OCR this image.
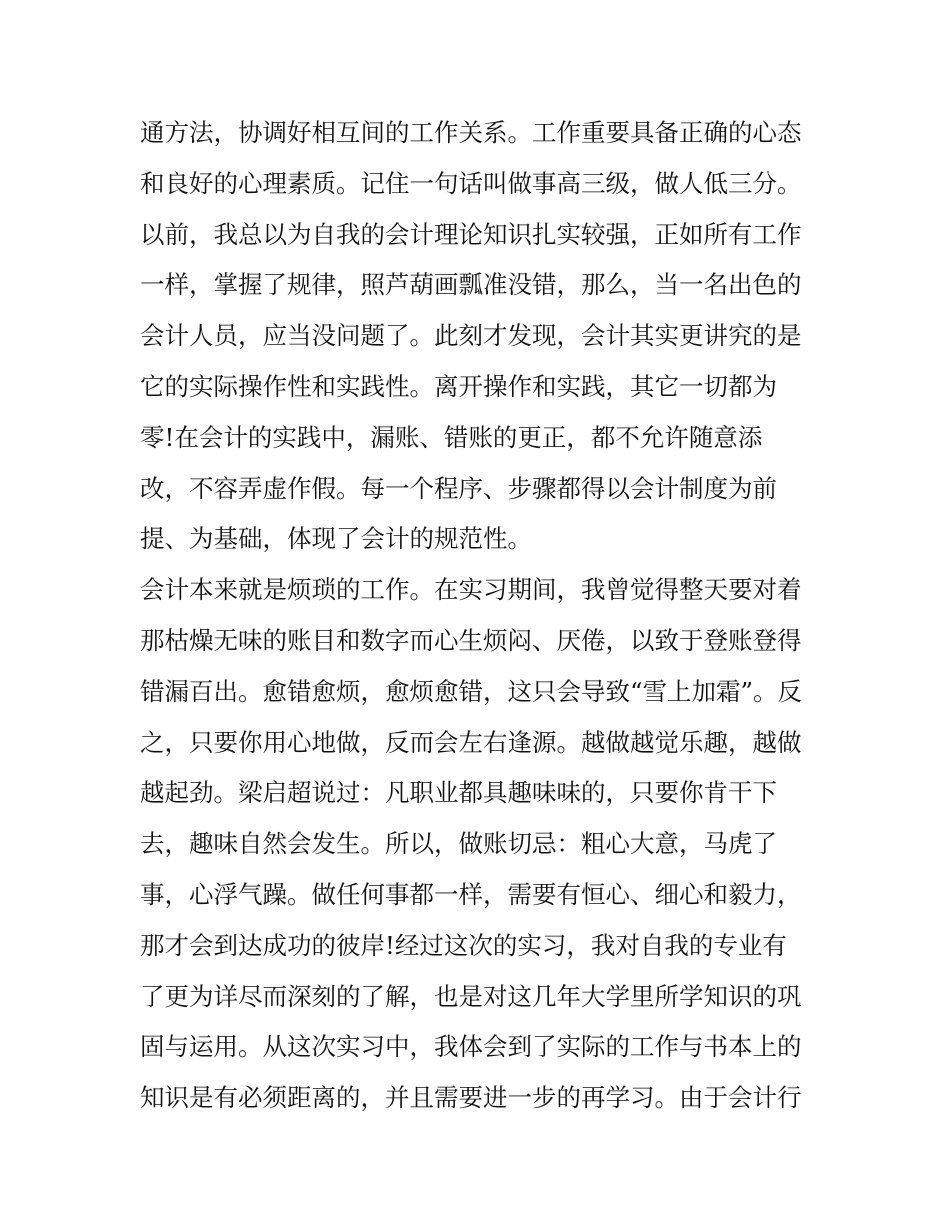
通方法，协调好相互间的工作关系。工作重要具备正确的心态
和良好的心理素质。记住一句话叫做事高三级，做人低三分。
以前，我总以为自我的会计理论知识扎实较强，正如所有工作
一样，掌握了规律，照芦葫画瓢准没错，那么，当一名出色的
会计人员，应当没问题了。此刻才发现，会计其实更讲究的是
它的实际操作性和实践性。离开操作和实践，其它一切都为
零!在会计的实践中，漏账、错账的更正，都不允许随意添
改，不容弄虚作假。每一个程序、步骤都得以会计制度为前
提、为基础，体现了会计的规范性。
会计本来就是烦琐的工作。在实习期间，我曾觉得整天要对着
那枯燥无味的账目和数字而心生烦闷、厌倦，以致于登账登得
错漏百出。愈错愈烦，愈烦愈错，这只会导致“雪上加霜”。反
之，只要你用心地做，反而会左右逢源。越做越觉乐趣，越做
越起劲。梁启超说过：凡职业都具趣味味的，只要你肯干下
去，趣味自然会发生。所以，做账切忌：粗心大意，马虎了
事，心浮气躁。做任何事都一样，需要有恒心、细心和毅力，
那才会到达成功的彼岸!经过这次的实习，我对自我的专业有
了更为详尽而深刻的了解，也是对这几年大学里所学知识的巩
固与运用。从这次实习中，我体会到了实际的工作与书本上的
知识是有必须距离的，并且需要进一步的再学习。由于会计行
